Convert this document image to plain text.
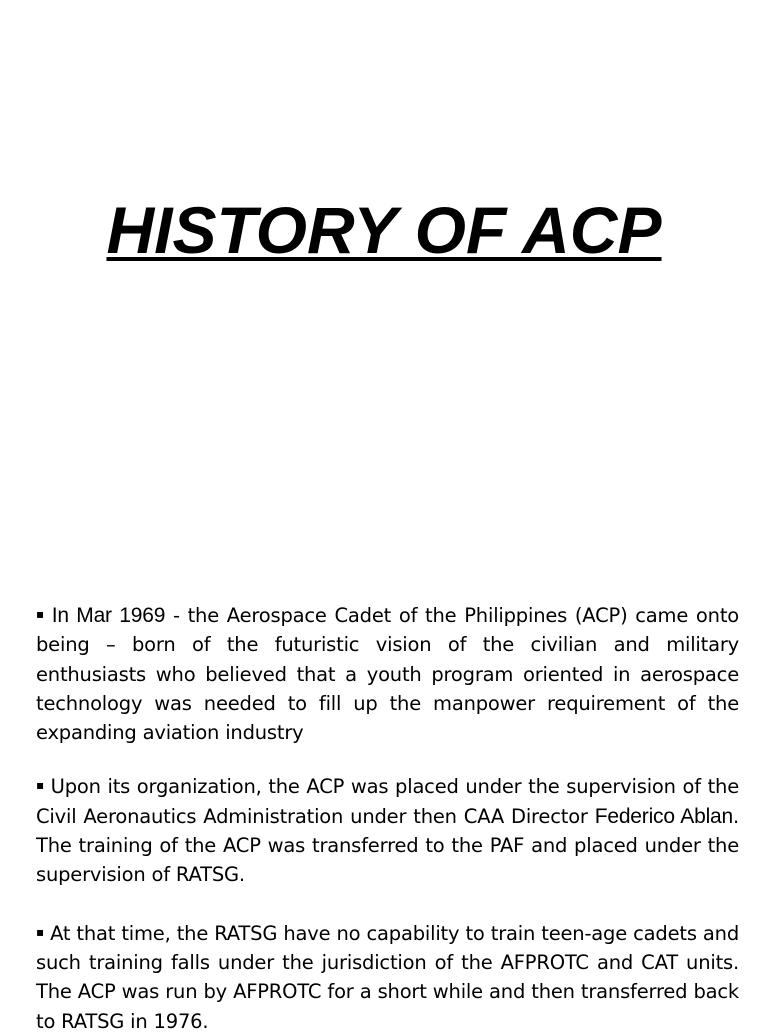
HISTORY OF ACP

▪ In Mar 1969 - the Aerospace Cadet of the Philippines (ACP) came onto being – born of the futuristic vision of the civilian and military enthusiasts who believed that a youth program oriented in aerospace technology was needed to fill up the manpower requirement of the expanding aviation industry

▪ Upon its organization, the ACP was placed under the supervision of the Civil Aeronautics Administration under then CAA Director Federico Ablan. The training of the ACP was transferred to the PAF and placed under the supervision of RATSG.

▪ At that time, the RATSG have no capability to train teen-age cadets and such training falls under the jurisdiction of the AFPROTC and CAT units. The ACP was run by AFPROTC for a short while and then transferred back to RATSG in 1976.
